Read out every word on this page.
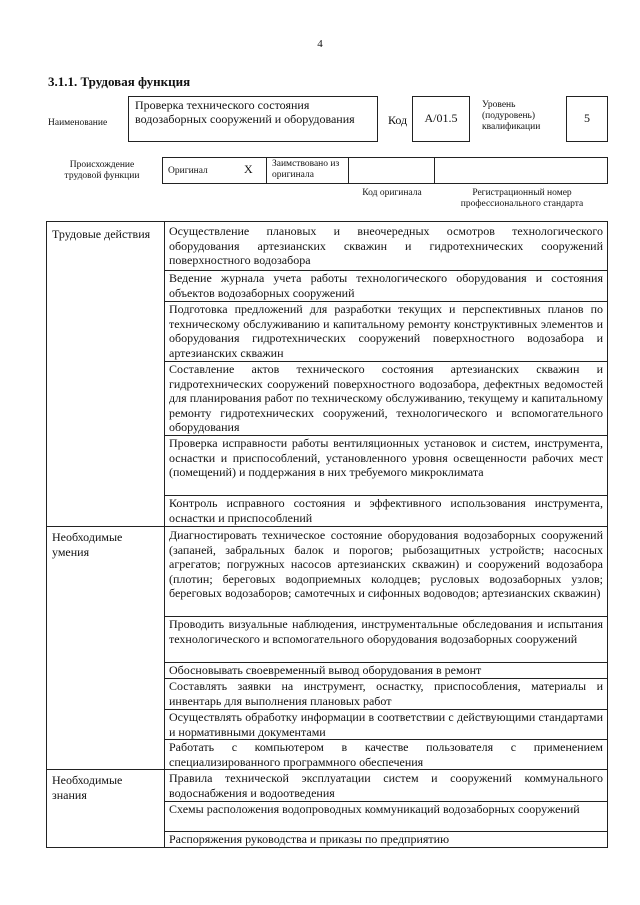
4
3.1.1. Трудовая функция
Наименование
Проверка технического состояния водозаборных сооружений и оборудования	Код	А/01.5
Уровень (подуровень) квалификации
5
Происхождение трудовой функции	Оригинал	X Заимствовано из оригинала
Код оригинала	Регистрационный номер профессионального стандарта
Трудовые действия	Осуществление плановых и внеочередных осмотров технологического оборудования артезианских скважин и гидротехнических сооружений поверхностного водозабора
Ведение журнала учета работы технологического оборудования и состояния объектов водозаборных сооружений
Подготовка предложений для разработки текущих и перспективных планов по техническому обслуживанию и капитальному ремонту конструктивных элементов и оборудования гидротехнических сооружений поверхностного водозабора и артезианских скважин
Составление актов технического состояния артезианских скважин и гидротехнических сооружений поверхностного водозабора, дефектных ведомостей для планирования работ по техническому обслуживанию, текущему и капитальному ремонту гидротехнических сооружений, технологического и вспомогательного оборудования
Проверка исправности работы вентиляционных установок и систем, инструмента, оснастки и приспособлений, установленного уровня освещенности рабочих мест (помещений) и поддержания в них требуемого микроклимата
Контроль исправного состояния и эффективного использования инструмента, оснастки и приспособлений
Необходимые умения
Диагностировать техническое состояние оборудования водозаборных сооружений (запаней, забральных балок и порогов; рыбозащитных устройств; насосных агрегатов; погружных насосов артезианских скважин) и сооружений водозабора (плотин; береговых водоприемных колодцев; русловых водозаборных узлов; береговых водозаборов; самотечных и сифонных водоводов; артезианских скважин)
Проводить визуальные наблюдения, инструментальные обследования и испытания технологического и вспомогательного оборудования водозаборных сооружений
Обосновывать своевременный вывод оборудования в ремонт
Составлять заявки на инструмент, оснастку, приспособления, материалы и инвентарь для выполнения плановых работ
Осуществлять обработку информации в соответствии с действующими стандартами и нормативными документами
Работать с компьютером в качестве пользователя с применением специализированного программного обеспечения
Необходимые знания
Правила технической эксплуатации систем и сооружений коммунального водоснабжения и водоотведения
Схемы расположения водопроводных коммуникаций водозаборных сооружений
Распоряжения руководства и приказы по предприятию
